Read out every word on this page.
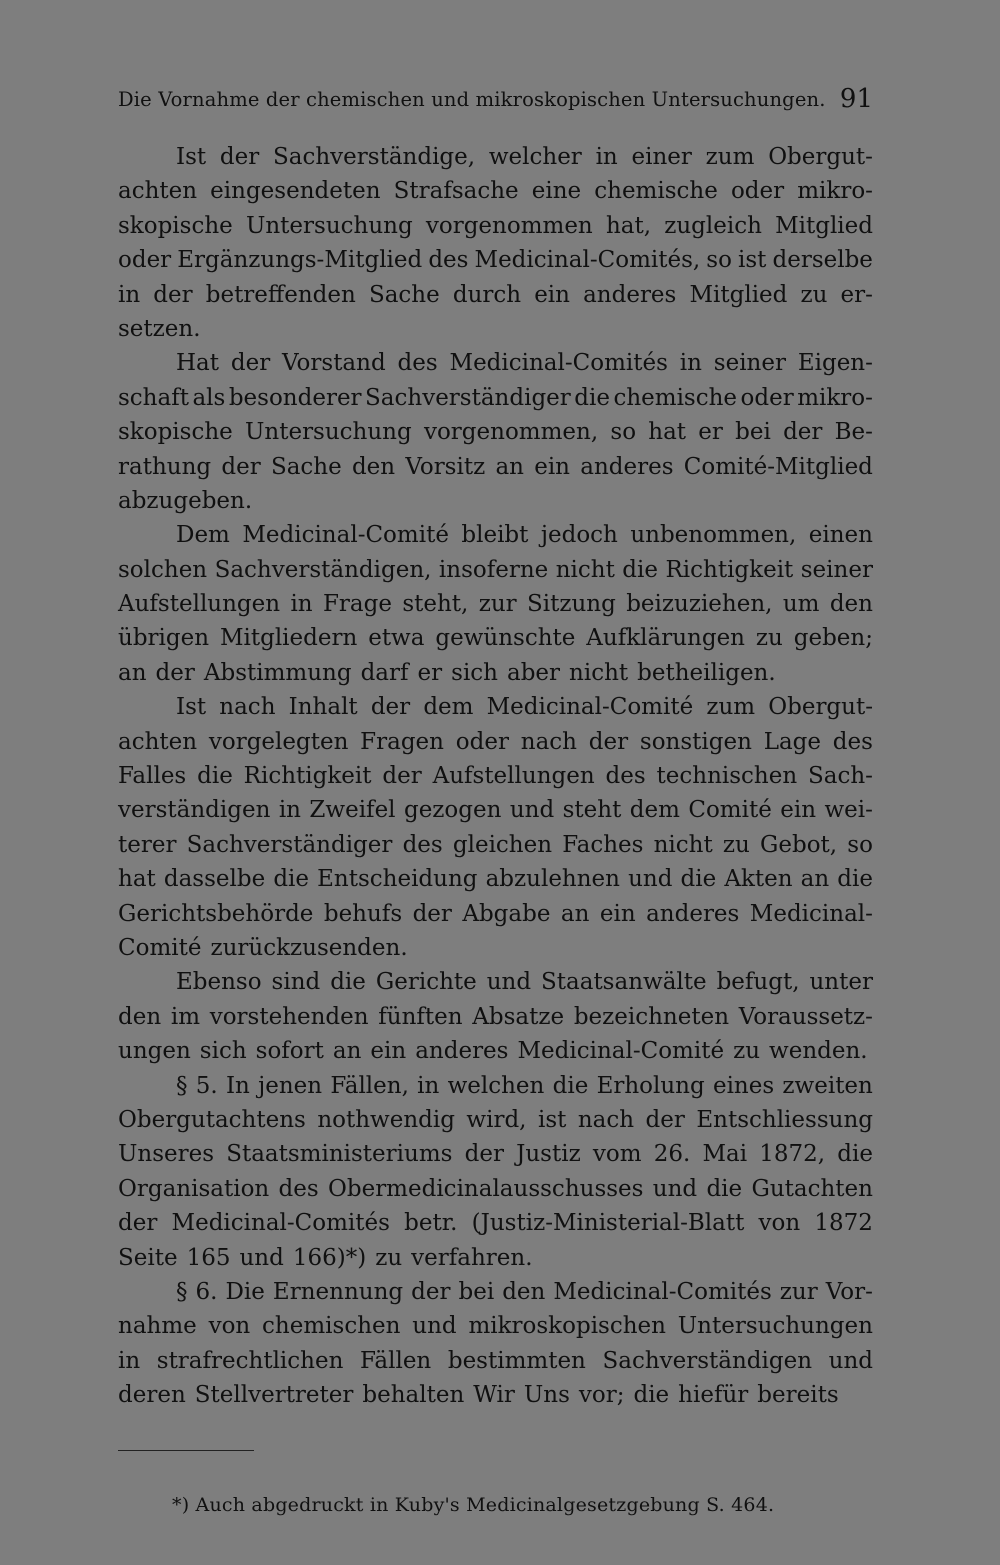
Die Vornahme der chemischen und mikroskopischen Untersuchungen. 91
Ist der Sachverständige, welcher in einer zum Obergut-
achten eingesendeten Strafsache eine chemische oder mikro-
skopische Untersuchung vorgenommen hat, zugleich Mitglied
oder Ergänzungs-Mitglied des Medicinal-Comités, so ist derselbe
in der betreffenden Sache durch ein anderes Mitglied zu er-
setzen.
Hat der Vorstand des Medicinal-Comités in seiner Eigen-
schaft als besonderer Sachverständiger die chemische oder mikro-
skopische Untersuchung vorgenommen, so hat er bei der Be-
rathung der Sache den Vorsitz an ein anderes Comité-Mitglied
abzugeben.
Dem Medicinal-Comité bleibt jedoch unbenommen, einen
solchen Sachverständigen, insoferne nicht die Richtigkeit seiner
Aufstellungen in Frage steht, zur Sitzung beizuziehen, um den
übrigen Mitgliedern etwa gewünschte Aufklärungen zu geben;
an der Abstimmung darf er sich aber nicht betheiligen.
Ist nach Inhalt der dem Medicinal-Comité zum Obergut-
achten vorgelegten Fragen oder nach der sonstigen Lage des
Falles die Richtigkeit der Aufstellungen des technischen Sach-
verständigen in Zweifel gezogen und steht dem Comité ein wei-
terer Sachverständiger des gleichen Faches nicht zu Gebot, so
hat dasselbe die Entscheidung abzulehnen und die Akten an die
Gerichtsbehörde behufs der Abgabe an ein anderes Medicinal-
Comité zurückzusenden.
Ebenso sind die Gerichte und Staatsanwälte befugt, unter
den im vorstehenden fünften Absatze bezeichneten Voraussetz-
ungen sich sofort an ein anderes Medicinal-Comité zu wenden.
§ 5. In jenen Fällen, in welchen die Erholung eines zweiten
Obergutachtens nothwendig wird, ist nach der Entschliessung
Unseres Staatsministeriums der Justiz vom 26. Mai 1872, die
Organisation des Obermedicinalausschusses und die Gutachten
der Medicinal-Comités betr. (Justiz-Ministerial-Blatt von 1872
Seite 165 und 166)*) zu verfahren.
§ 6. Die Ernennung der bei den Medicinal-Comités zur Vor-
nahme von chemischen und mikroskopischen Untersuchungen
in strafrechtlichen Fällen bestimmten Sachverständigen und
deren Stellvertreter behalten Wir Uns vor; die hiefür bereits
*) Auch abgedruckt in Kuby's Medicinalgesetzgebung S. 464.
